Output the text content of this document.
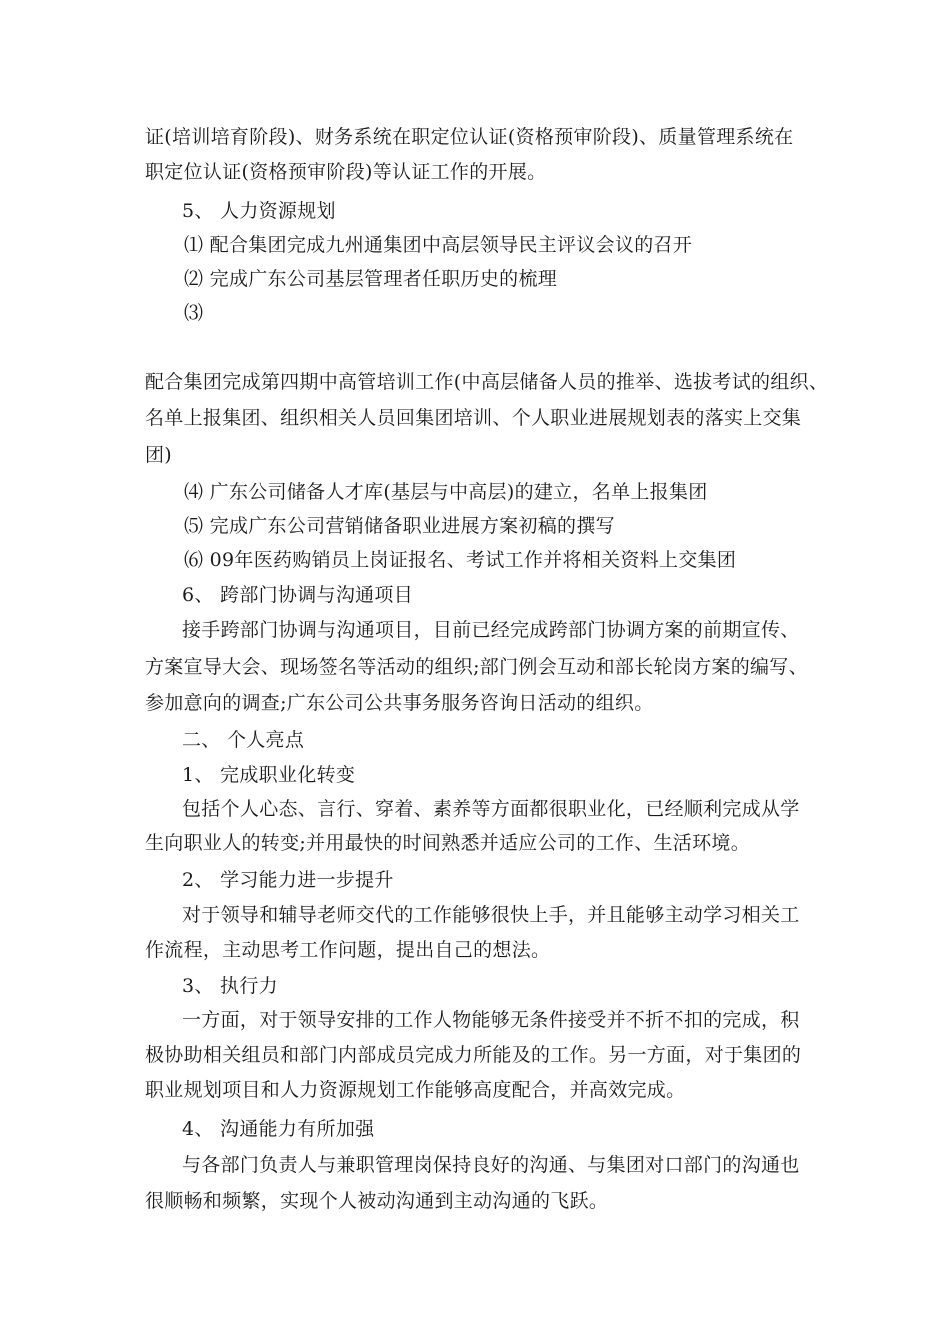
证(培训培育阶段)、财务系统在职定位认证(资格预审阶段)、质量管理系统在
职定位认证(资格预审阶段)等认证工作的开展。
5、 人力资源规划
⑴ 配合集团完成九州通集团中高层领导民主评议会议的召开
⑵ 完成广东公司基层管理者任职历史的梳理
⑶
配合集团完成第四期中高管培训工作(中高层储备人员的推举、选拔考试的组织、
名单上报集团、组织相关人员回集团培训、个人职业进展规划表的落实上交集
团)
⑷ 广东公司储备人才库(基层与中高层)的建立，名单上报集团
⑸ 完成广东公司营销储备职业进展方案初稿的撰写
⑹ 09年医药购销员上岗证报名、考试工作并将相关资料上交集团
6、 跨部门协调与沟通项目
接手跨部门协调与沟通项目，目前已经完成跨部门协调方案的前期宣传、
方案宣导大会、现场签名等活动的组织;部门例会互动和部长轮岗方案的编写、
参加意向的调查;广东公司公共事务服务咨询日活动的组织。
二、 个人亮点
1、 完成职业化转变
包括个人心态、言行、穿着、素养等方面都很职业化，已经顺利完成从学
生向职业人的转变;并用最快的时间熟悉并适应公司的工作、生活环境。
2、 学习能力进一步提升
对于领导和辅导老师交代的工作能够很快上手，并且能够主动学习相关工
作流程，主动思考工作问题，提出自己的想法。
3、 执行力
一方面，对于领导安排的工作人物能够无条件接受并不折不扣的完成，积
极协助相关组员和部门内部成员完成力所能及的工作。另一方面，对于集团的
职业规划项目和人力资源规划工作能够高度配合，并高效完成。
4、 沟通能力有所加强
与各部门负责人与兼职管理岗保持良好的沟通、与集团对口部门的沟通也
很顺畅和频繁，实现个人被动沟通到主动沟通的飞跃。
